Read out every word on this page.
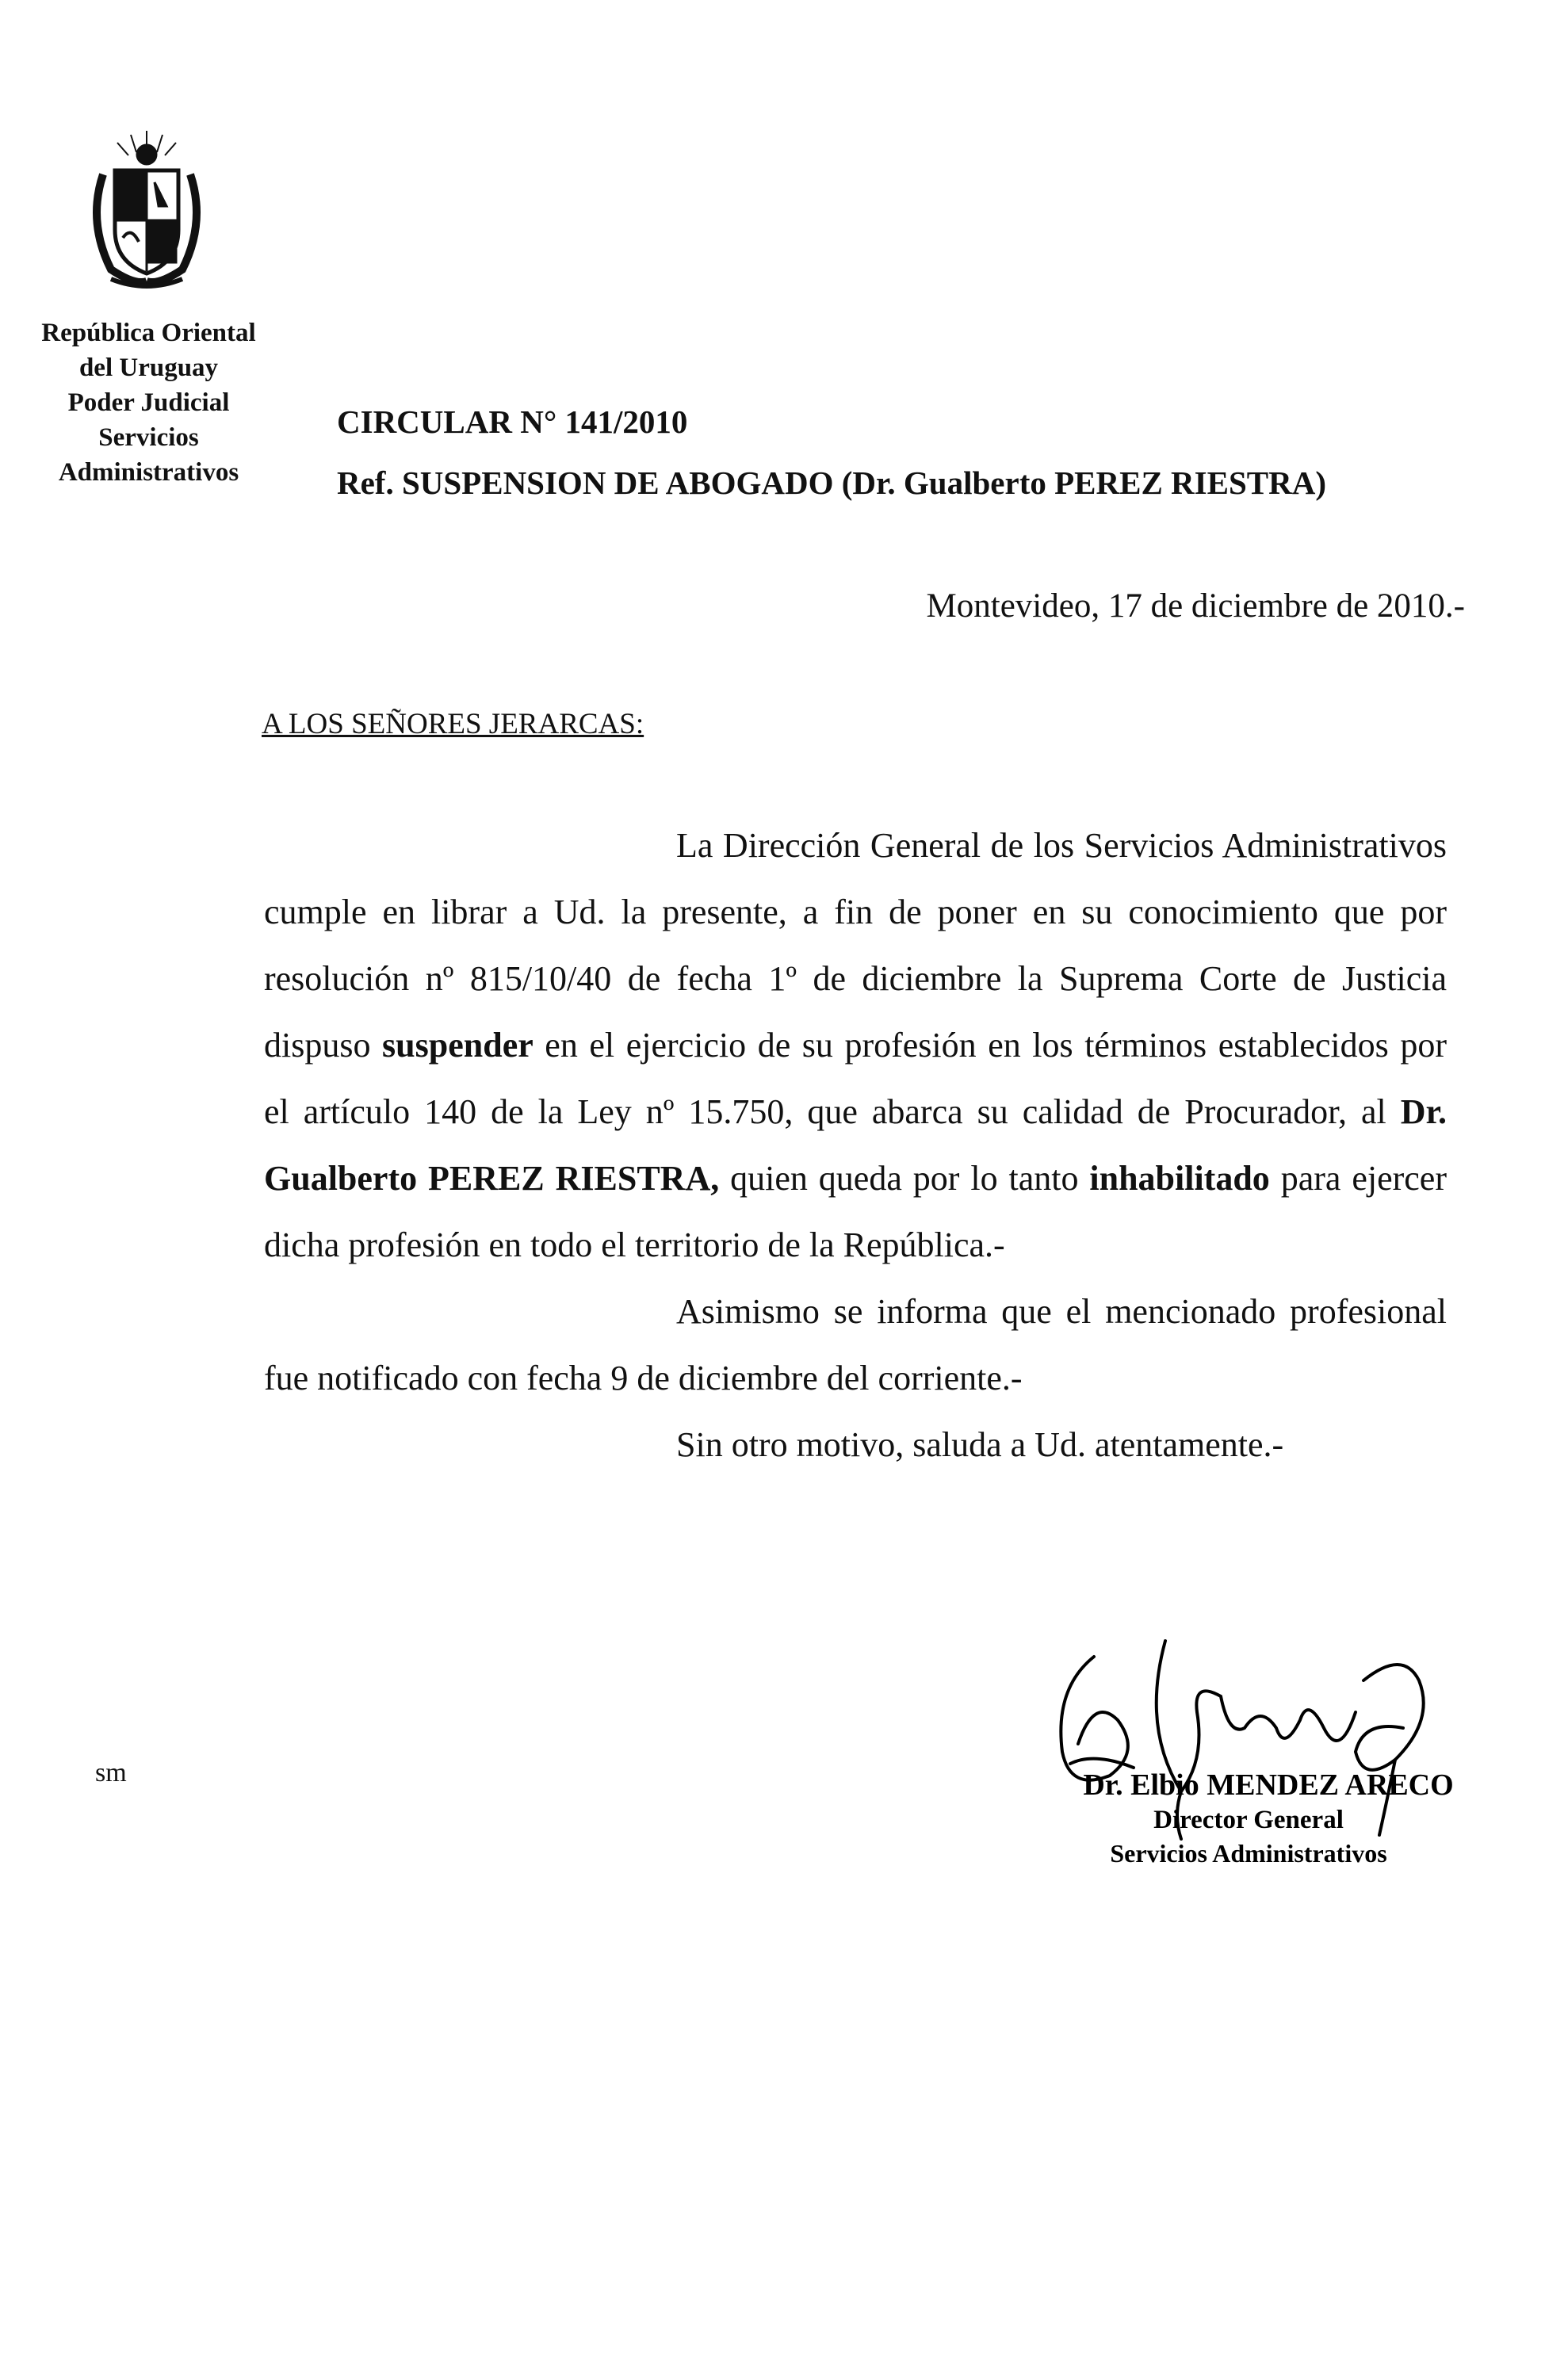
República Oriental
del Uruguay
Poder Judicial
Servicios
Administrativos
CIRCULAR N° 141/2010
Ref. SUSPENSION DE ABOGADO (Dr. Gualberto PEREZ RIESTRA)
Montevideo, 17 de diciembre de 2010.-
A LOS SEÑORES JERARCAS:

La Dirección General de los Servicios Administrativos cumple en librar a Ud. la presente, a fin de poner en su conocimiento que por resolución nº 815/10/40 de fecha 1º de diciembre la Suprema Corte de Justicia dispuso suspender en el ejercicio de su profesión en los términos establecidos por el artículo 140 de la Ley nº 15.750, que abarca su calidad de Procurador, al Dr. Gualberto PEREZ RIESTRA, quien queda por lo tanto inhabilitado para ejercer dicha profesión en todo el territorio de la República.-

Asimismo se informa que el mencionado profesional fue notificado con fecha 9 de diciembre del corriente.-

Sin otro motivo, saluda a Ud. atentamente.-

sm	Dr. Elbio MENDEZ ARECO
Director General
Servicios Administrativos
